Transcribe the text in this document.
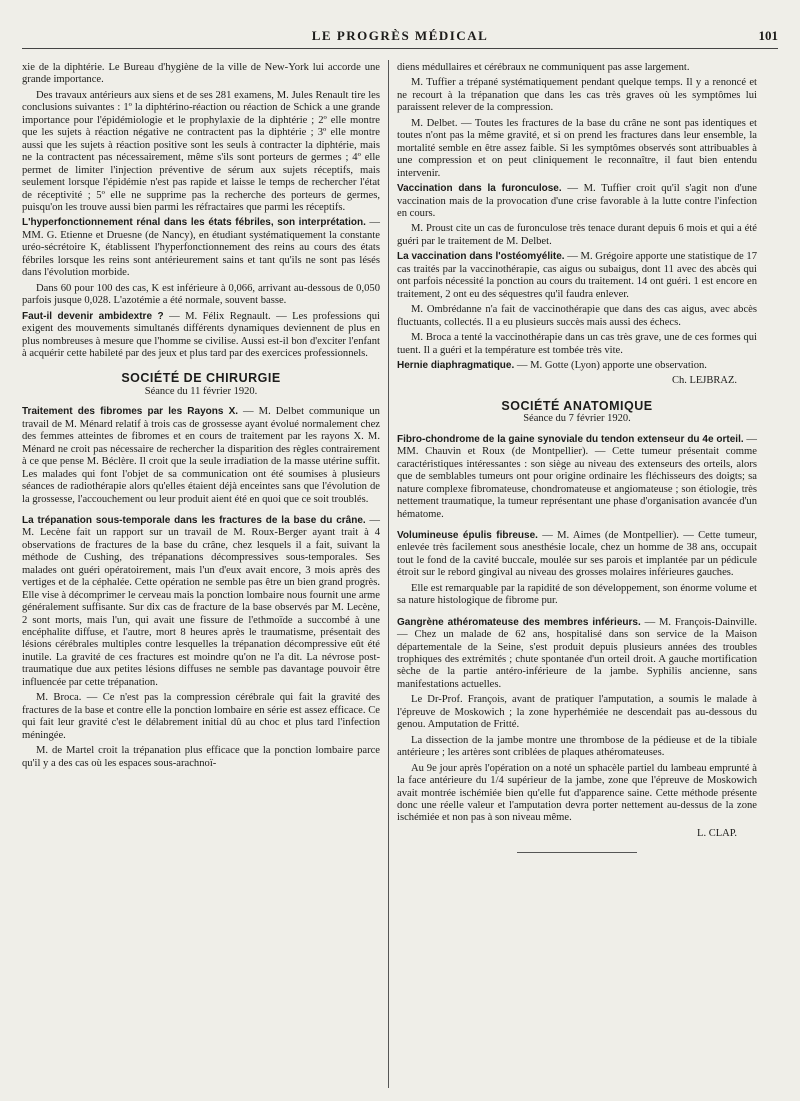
LE PROGRÈS MÉDICAL	101

xie de la diphtérie. Le Bureau d'hygiène de la ville de New-York lui accorde une grande importance.

Des travaux antérieurs aux siens et de ses 281 examens, M. Jules Renault tire les conclusions suivantes : 1º la diphtérino-réaction ou réaction de Schick a une grande importance pour l'épidémiologie et le prophylaxie de la diphtérie ; 2º elle montre que les sujets à réaction négative ne contractent pas la diphtérie ; 3º elle montre aussi que les sujets à réaction positive sont les seuls à contracter la diphtérie, mais ne la contractent pas nécessairement, même s'ils sont porteurs de germes ; 4º elle permet de limiter l'injection préventive de sérum aux sujets réceptifs, mais seulement lorsque l'épidémie n'est pas rapide et laisse le temps de rechercher l'état de réceptivité ; 5º elle ne supprime pas la recherche des porteurs de germes, puisqu'on les trouve aussi bien parmi les réfractaires que parmi les réceptifs.

L'hyperfonctionnement rénal dans les états fébriles, son interprétation. — MM. G. Etienne et Druesne (de Nancy), en étudiant systématiquement la constante uréo-sécrétoire K, établissent l'hyperfonctionnement des reins au cours des états fébriles lorsque les reins sont antérieurement sains et tant qu'ils ne sont pas lésés dans l'évolution morbide.

Dans 60 pour 100 des cas, K est inférieure à 0,066, arrivant au-dessous de 0,050 parfois jusque 0,028. L'azotémie a été normale, souvent basse.

Faut-il devenir ambidextre ? — M. Félix Regnault. — Les professions qui exigent des mouvements simultanés différents dynamiques deviennent de plus en plus nombreuses à mesure que l'homme se civilise. Aussi est-il bon d'exciter l'enfant à acquérir cette habileté par des jeux et plus tard par des exercices professionnels.

SOCIÉTÉ DE CHIRURGIE
Séance du 11 février 1920.

Traitement des fibromes par les Rayons X. — M. Delbet communique un travail de M. Ménard relatif à trois cas de grossesse ayant évolué normalement chez des femmes atteintes de fibromes et en cours de traitement par les rayons X. M. Ménard ne croit pas nécessaire de rechercher la disparition des règles contrairement à ce que pense M. Béclère. Il croit que la seule irradiation de la masse utérine suffit. Les malades qui font l'objet de sa communication ont été soumises à plusieurs séances de radiothérapie alors qu'elles étaient déjà enceintes sans que l'évolution de la grossesse, l'accouchement ou leur produit aient été en quoi que ce soit troublés.

La trépanation sous-temporale dans les fractures de la base du crâne. — M. Lecène fait un rapport sur un travail de M. Roux-Berger ayant trait à 4 observations de fractures de la base du crâne, chez lesquels il a fait, suivant la méthode de Cushing, des trépanations décompressives sous-temporales. Ses malades ont guéri opératoirement, mais l'un d'eux avait encore, 3 mois après des vertiges et de la céphalée. Cette opération ne semble pas être un bien grand progrès. Elle vise à décomprimer le cerveau mais la ponction lombaire nous fournit une arme généralement suffisante. Sur dix cas de fracture de la base observés par M. Lecène, 2 sont morts, mais l'un, qui avait une fissure de l'ethmoïde a succombé à une encéphalite diffuse, et l'autre, mort 8 heures après le traumatisme, présentait des lésions cérébrales multiples contre lesquelles la trépanation décompressive eût été inutile. La gravité de ces fractures est moindre qu'on ne l'a dit. La névrose post-traumatique due aux petites lésions diffuses ne semble pas davantage pouvoir être influencée par cette trépanation.

M. Broca. — Ce n'est pas la compression cérébrale qui fait la gravité des fractures de la base et contre elle la ponction lombaire en série est assez efficace. Ce qui fait leur gravité c'est le délabrement initial dû au choc et plus tard l'infection méningée.

M. de Martel croit la trépanation plus efficace que la ponction lombaire parce qu'il y a des cas où les espaces sous-arachnoï-

diens médullaires et cérébraux ne communiquent pas asse largement.

M. Tuffier a trépané systématiquement pendant quelque temps. Il y a renoncé et ne recourt à la trépanation que dans les cas très graves où les symptômes lui paraissent relever de la compression.

M. Delbet. — Toutes les fractures de la base du crâne ne sont pas identiques et toutes n'ont pas la même gravité, et si on prend les fractures dans leur ensemble, la mortalité semble en être assez faible. Si les symptômes observés sont attribuables à une compression et on peut cliniquement le reconnaître, il faut bien entendu intervenir.

Vaccination dans la furonculose. — M. Tuffier croit qu'il s'agit non d'une vaccination mais de la provocation d'une crise favorable à la lutte contre l'infection en cours.

M. Proust cite un cas de furonculose très tenace durant depuis 6 mois et qui a été guéri par le traitement de M. Delbet.

La vaccination dans l'ostéomyélite. — M. Grégoire apporte une statistique de 17 cas traités par la vaccinothérapie, cas aigus ou subaigus, dont 11 avec des abcès qui ont parfois nécessité la ponction au cours du traitement. 14 ont guéri. 1 est encore en traitement, 2 ont eu des séquestres qu'il faudra enlever.

M. Ombrédanne n'a fait de vaccinothérapie que dans des cas aigus, avec abcès fluctuants, collectés. Il a eu plusieurs succès mais aussi des échecs.

M. Broca a tenté la vaccinothérapie dans un cas très grave, une de ces formes qui tuent. Il a guéri et la température est tombée très vite.

Hernie diaphragmatique. — M. Gotte (Lyon) apporte une observation.

Ch. LEJBRAZ.
SOCIÉTÉ ANATOMIQUE
Séance du 7 février 1920.

Fibro-chondrome de la gaine synoviale du tendon extenseur du 4e orteil. — MM. Chauvin et Roux (de Montpellier). — Cette tumeur présentait comme caractéristiques intéressantes : son siège au niveau des extenseurs des orteils, alors que de semblables tumeurs ont pour origine ordinaire les fléchisseurs des doigts; sa nature complexe fibromateuse, chondromateuse et angiomateuse ; son étiologie, très nettement traumatique, la tumeur représentant une phase d'organisation avancée d'un hématome.

Volumineuse épulis fibreuse. — M. Aimes (de Montpellier). — Cette tumeur, enlevée très facilement sous anesthésie locale, chez un homme de 38 ans, occupait tout le fond de la cavité buccale, moulée sur ses parois et implantée par un pédicule étroit sur le rebord gingival au niveau des grosses molaires inférieures gauches.

Elle est remarquable par la rapidité de son développement, son énorme volume et sa nature histologique de fibrome pur.

Gangrène athéromateuse des membres inférieurs. — M. François-Dainville. — Chez un malade de 62 ans, hospitalisé dans son service de la Maison départementale de la Seine, s'est produit depuis plusieurs années des troubles trophiques des extrémités ; chute spontanée d'un orteil droit. A gauche mortification sèche de la partie antéro-inférieure de la jambe. Syphilis ancienne, sans manifestations actuelles.

Le Dr-Prof. François, avant de pratiquer l'amputation, a soumis le malade à l'épreuve de Moskowich ; la zone hyperhémiée ne descendait pas au-dessous du genou. Amputation de Fritté.

La dissection de la jambe montre une thrombose de la pédieuse et de la tibiale antérieure ; les artères sont criblées de plaques athéromateuses.

Au 9e jour après l'opération on a noté un sphacèle partiel du lambeau emprunté à la face antérieure du 1/4 supérieur de la jambe, zone que l'épreuve de Moskowich avait montrée ischémiée bien qu'elle fut d'apparence saine. Cette méthode présente donc une réelle valeur et l'amputation devra porter nettement au-dessus de la zone ischémiée et non pas à son niveau même.

L. CLAP.
